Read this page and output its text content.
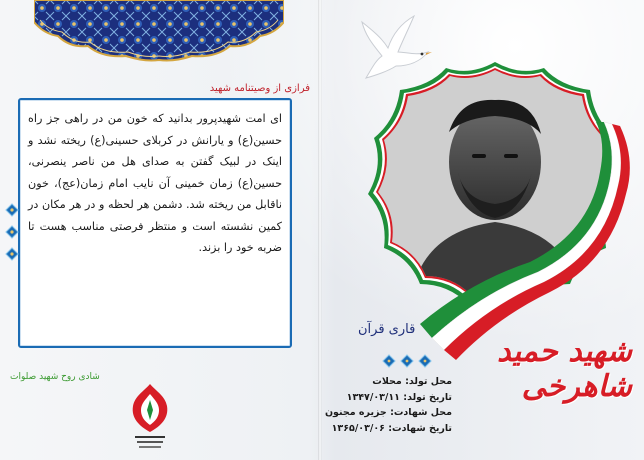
فرازی از وصیتنامه شهید
ای امت شهیدپرور بدانید که خون من در راهی جز راه حسین(ع) و یارانش در کربلای حسینی(ع) ریخته نشد و اینک در لبیک گفتن به صدای هل من ناصر ینصرنی، حسین(ع) زمان خمینی آن نایب امام زمان(عج)، خون ناقابل من ریخته شد. دشمن هر لحظه و در هر مکان در کمین نشسته است و منتظر فرصتی مناسب هست تا ضربه خود را بزند.
شادی روح شهید صلوات
شهید حمید شاهرخی
قاری قرآن
محل تولد: محلات
تاریخ تولد: ۱۳۴۷/۰۳/۱۱
محل شهادت: جزیره مجنون
تاریخ شهادت: ۱۳۶۵/۰۳/۰۶
